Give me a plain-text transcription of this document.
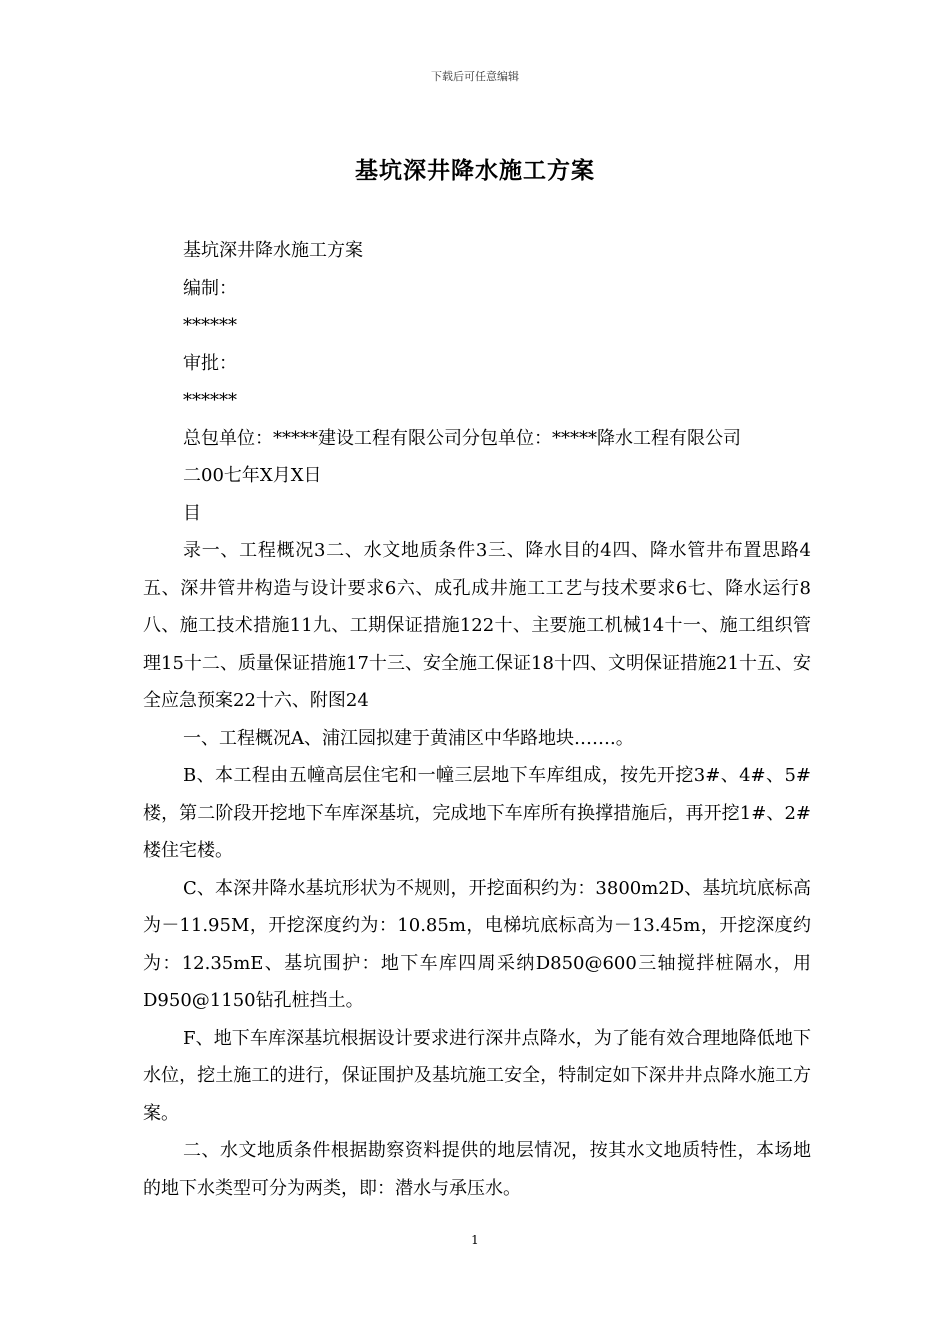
下载后可任意编辑
基坑深井降水施工方案
基坑深井降水施工方案
编制：
******
审批：
******
总包单位：*****建设工程有限公司分包单位：*****降水工程有限公司
二00七年X月X日
目

录一、工程概况3二、水文地质条件3三、降水目的4四、降水管井布置思路4五、深井管井构造与设计要求6六、成孔成井施工工艺与技术要求6七、降水运行8八、施工技术措施11九、工期保证措施122十、主要施工机械14十一、施工组织管理15十二、质量保证措施17十三、安全施工保证18十四、文明保证措施21十五、安全应急预案22十六、附图24

一、工程概况A、浦江园拟建于黄浦区中华路地块…….。

B、本工程由五幢高层住宅和一幢三层地下车库组成，按先开挖3#、4#、5#楼，第二阶段开挖地下车库深基坑，完成地下车库所有换撑措施后，再开挖1#、2#楼住宅楼。

C、本深井降水基坑形状为不规则，开挖面积约为：3800m2D、基坑坑底标高为－11.95M，开挖深度约为：10.85m，电梯坑底标高为－13.45m，开挖深度约为：12.35mE、基坑围护：地下车库四周采纳D850@600三轴搅拌桩隔水，用D950@1150钻孔桩挡土。

F、地下车库深基坑根据设计要求进行深井点降水，为了能有效合理地降低地下水位，挖土施工的进行，保证围护及基坑施工安全，特制定如下深井井点降水施工方案。

二、水文地质条件根据勘察资料提供的地层情况，按其水文地质特性，本场地的地下水类型可分为两类，即：潜水与承压水。

1
